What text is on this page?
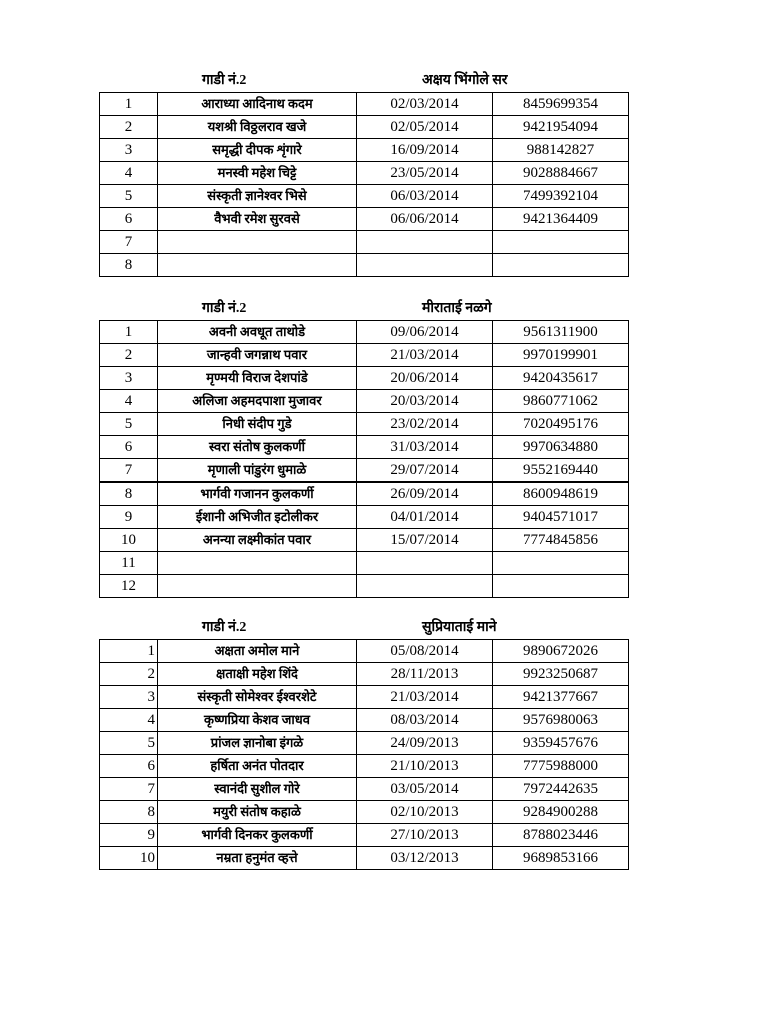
गाडी नं.2	अक्षय भिंगोले सर
1	आराध्या आदिनाथ कदम	02/03/2014	8459699354
2	यशश्री विठ्ठलराव खजे	02/05/2014	9421954094
3	समृद्धी दीपक शृंगारे	16/09/2014	988142827
4	मनस्वी महेश चिट्टे	23/05/2014	9028884667
5	संस्कृती ज्ञानेश्वर भिसे	06/03/2014	7499392104
6	वैभवी रमेश सुरवसे	06/06/2014	9421364409
7			
8			
गाडी नं.2	मीराताई नळगे
1	अवनी अवधूत ताथोडे	09/06/2014	9561311900
2	जान्हवी जगन्नाथ पवार	21/03/2014	9970199901
3	मृण्मयी विराज देशपांडे	20/06/2014	9420435617
4	अलिजा अहमदपाशा मुजावर	20/03/2014	9860771062
5	निधी संदीप गुडे	23/02/2014	7020495176
6	स्वरा संतोष कुलकर्णी	31/03/2014	9970634880
7	मृणाली पांडुरंग धुमाळे	29/07/2014	9552169440
8	भार्गवी गजानन कुलकर्णी	26/09/2014	8600948619
9	ईशानी अभिजीत इटोलीकर	04/01/2014	9404571017
10	अनन्या लक्ष्मीकांत पवार	15/07/2014	7774845856
11			
12			
गाडी नं.2	सुप्रियाताई माने
1	अक्षता अमोल माने	05/08/2014	9890672026
2	क्षताक्षी महेश शिंदे	28/11/2013	9923250687
3	संस्कृती सोमेश्वर ईश्वरशेटे	21/03/2014	9421377667
4	कृष्णप्रिया केशव जाधव	08/03/2014	9576980063
5	प्रांजल ज्ञानोबा इंगळे	24/09/2013	9359457676
6	हर्षिता अनंत पोतदार	21/10/2013	7775988000
7	स्वानंदी सुशील गोरे	03/05/2014	7972442635
8	मयुरी संतोष कहाळे	02/10/2013	9284900288
9	भार्गवी दिनकर कुलकर्णी	27/10/2013	8788023446
10	नम्रता हनुमंत व्हत्ते	03/12/2013	9689853166
